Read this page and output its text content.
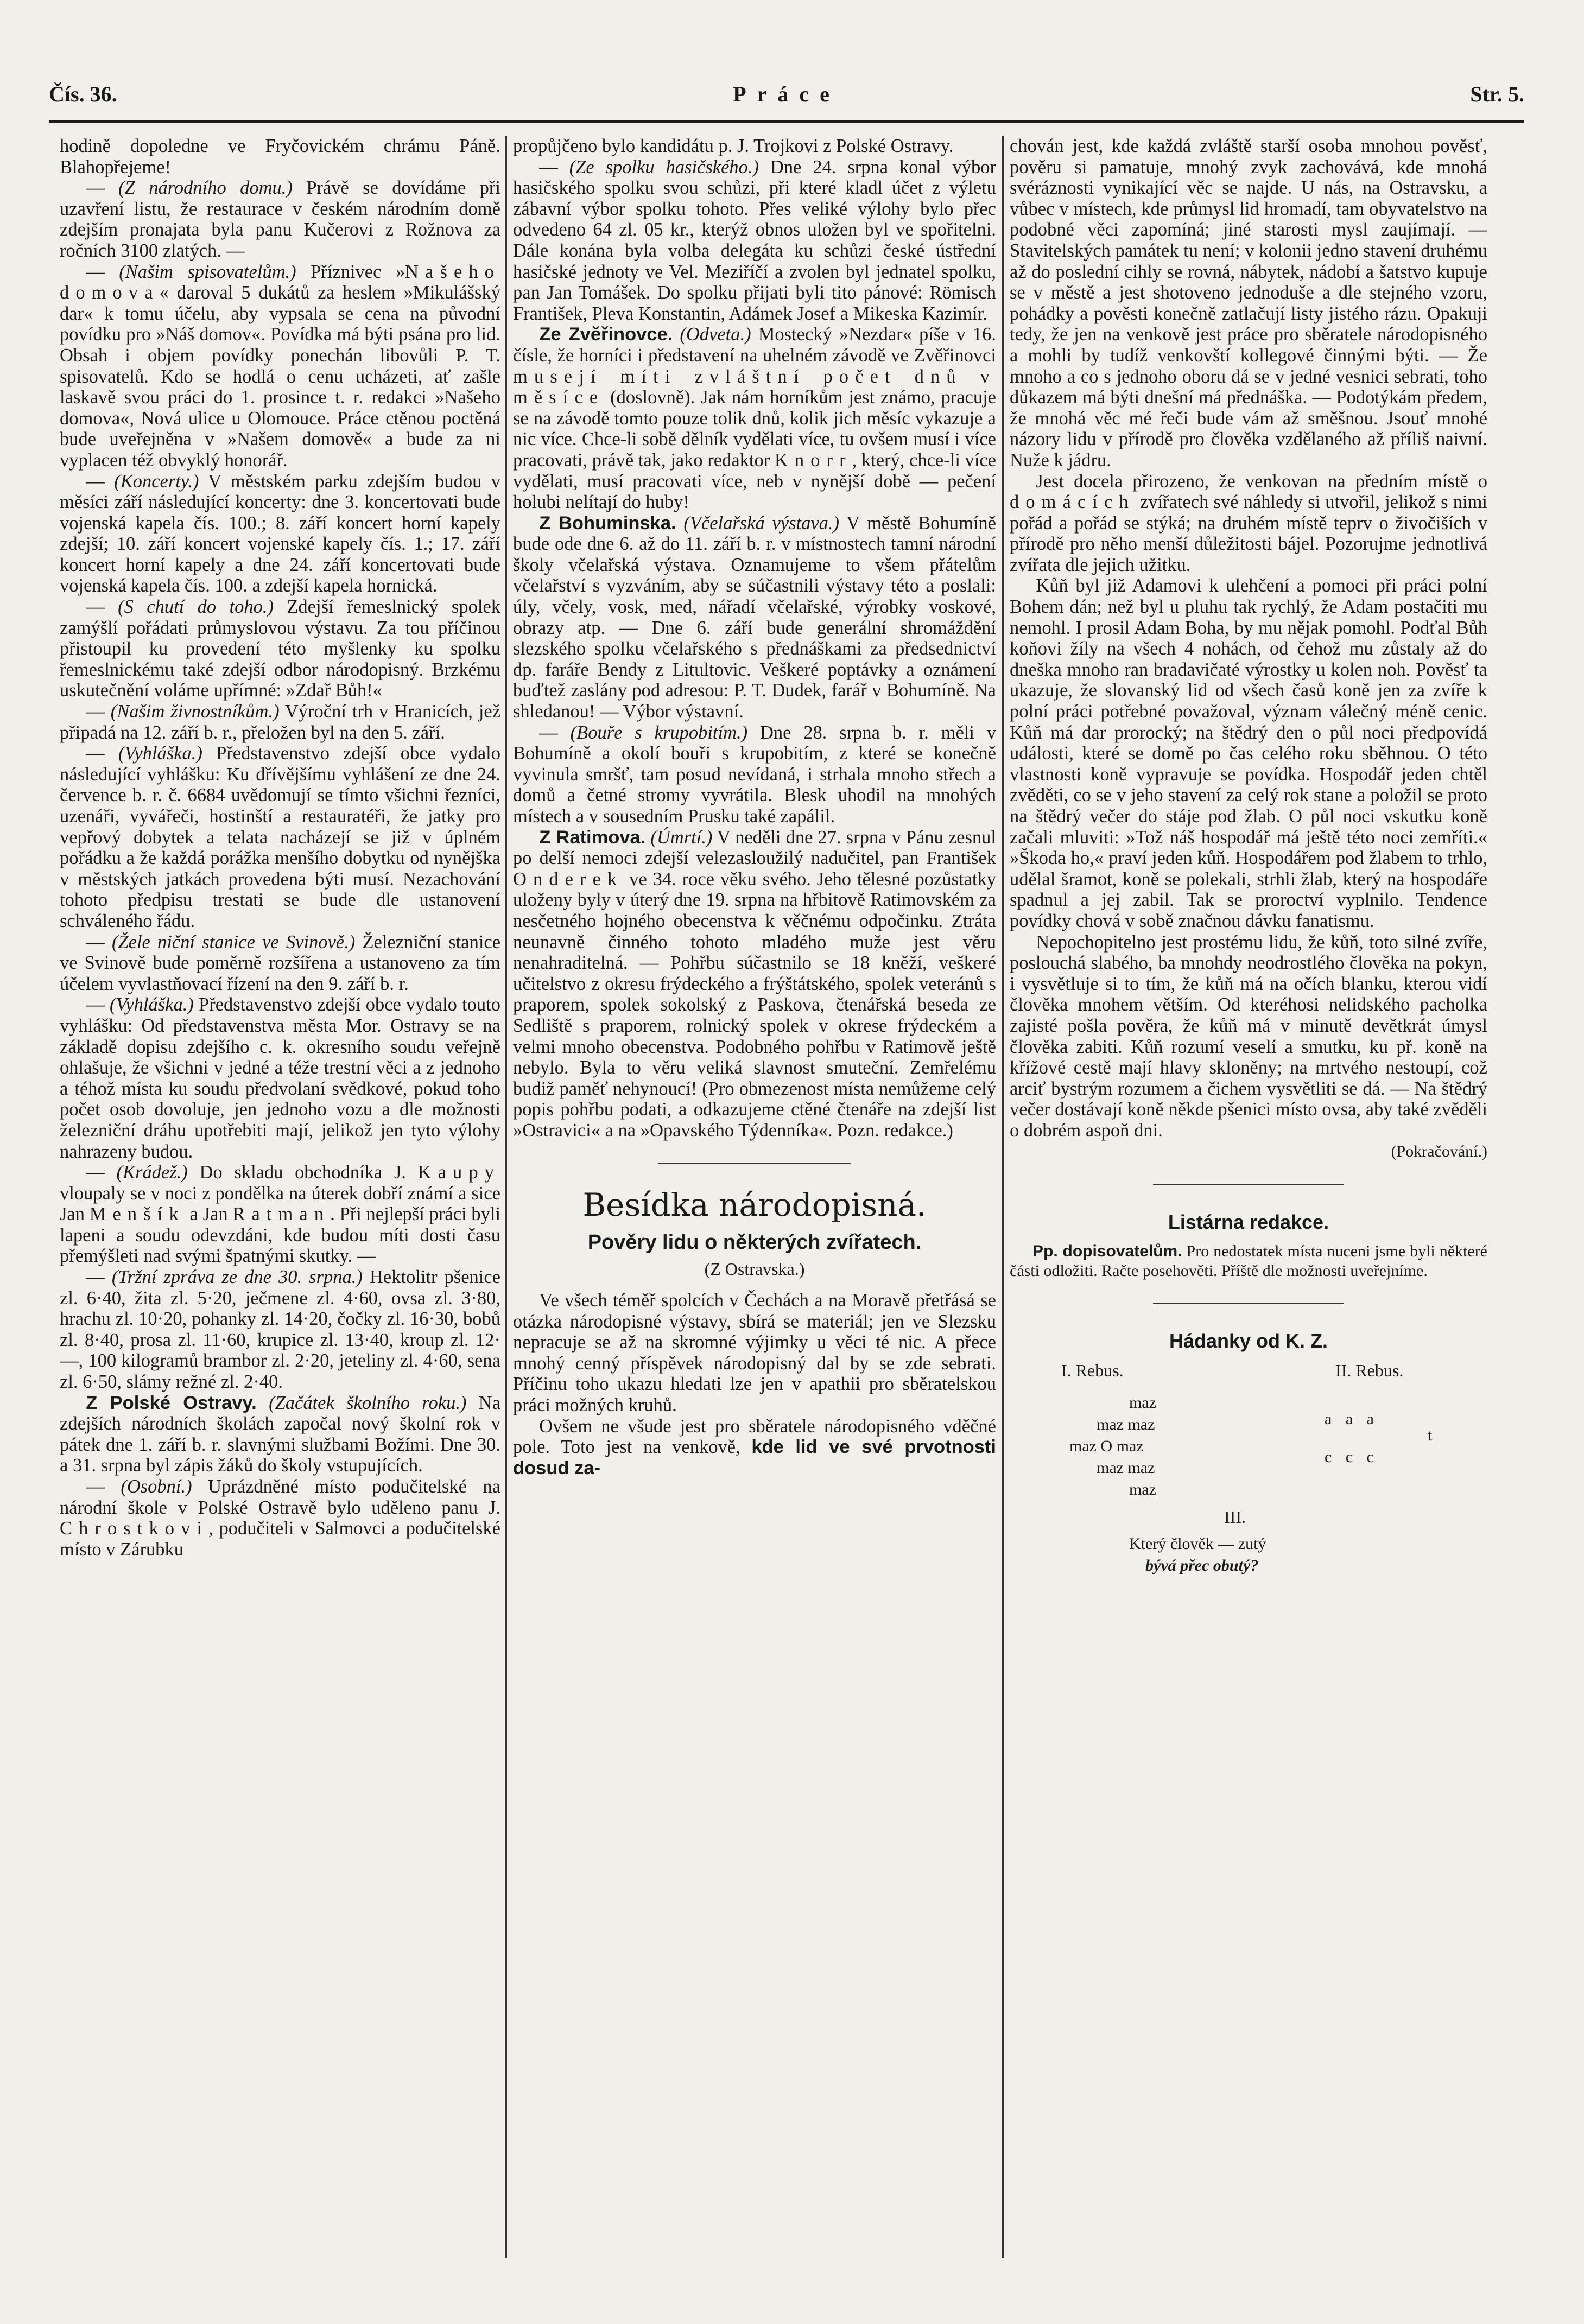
Čís. 36.	Práce	Str. 5.

hodině dopoledne ve Fryčovickém chrámu Páně. Blahopřejeme!

— (Z národního domu.) Právě se dovídáme při uzavření listu, že restaurace v českém národním domě zdejším pronajata byla panu Kučerovi z Rožnova za ročních 3100 zlatých. —

— (Našim spisovatelům.) Příznivec »Našeho domova« daroval 5 dukátů za heslem »Mikulášský dar« k tomu účelu, aby vypsala se cena na původní povídku pro »Náš domov«. Povídka má býti psána pro lid. Obsah i objem povídky ponechán libovůli P. T. spisovatelů. Kdo se hodlá o cenu ucházeti, ať zašle laskavě svou práci do 1. prosince t. r. redakci »Našeho domova«, Nová ulice u Olomouce. Práce ctěnou poctěná bude uveřejněna v »Našem domově« a bude za ni vyplacen též obvyklý honorář.

— (Koncerty.) V městském parku zdejším budou v měsíci září následující koncerty: dne 3. koncertovati bude vojenská kapela čís. 100.; 8. září koncert horní kapely zdejší; 10. září koncert vojenské kapely čís. 1.; 17. září koncert horní kapely a dne 24. září koncertovati bude vojenská kapela čís. 100. a zdejší kapela hornická.

— (S chutí do toho.) Zdejší řemeslnický spolek zamýšlí pořádati průmyslovou výstavu. Za tou příčinou přistoupil ku provedení této myšlenky ku spolku řemeslnickému také zdejší odbor národopisný. Brzkému uskutečnění voláme upřímné: »Zdař Bůh!«

— (Našim živnostníkům.) Výroční trh v Hranicích, jež připadá na 12. září b. r., přeložen byl na den 5. září.

— (Vyhláška.) Představenstvo zdejší obce vydalo následující vyhlášku: Ku dřívějšímu vyhlášení ze dne 24. července b. r. č. 6684 uvědomují se tímto všichni řezníci, uzenáři, vyvářeči, hostinští a restauratéři, že jatky pro vepřový dobytek a telata nacházejí se již v úplném pořádku a že každá porážka menšího dobytku od nynějška v městských jatkách provedena býti musí. Nezachování tohoto předpisu trestati se bude dle ustanovení schváleného řádu.

— (Žele niční stanice ve Svinově.) Železniční stanice ve Svinově bude poměrně rozšířena a ustanoveno za tím účelem vyvlastňovací řízení na den 9. září b. r.

— (Vyhláška.) Představenstvo zdejší obce vydalo touto vyhlášku: Od představenstva města Mor. Ostravy se na základě dopisu zdejšího c. k. okresního soudu veřejně ohlašuje, že všichni v jedné a téže trestní věci a z jednoho a téhož místa ku soudu předvolaní svědkové, pokud toho počet osob dovoluje, jen jednoho vozu a dle možnosti železniční dráhu upotřebiti mají, jelikož jen tyto výlohy nahrazeny budou.

— (Krádež.) Do skladu obchodníka J. Kaupy vloupaly se v noci z pondělka na úterek dobří známí a sice Jan Menšík a Jan Ratman. Při nejlepší práci byli lapeni a soudu odevzdáni, kde budou míti dosti času přemýšleti nad svými špatnými skutky. —

— (Tržní zpráva ze dne 30. srpna.) Hektolitr pšenice zl. 6·40, žita zl. 5·20, ječmene zl. 4·60, ovsa zl. 3·80, hrachu zl. 10·20, pohanky zl. 14·20, čočky zl. 16·30, bobů zl. 8·40, prosa zl. 11·60, krupice zl. 13·40, kroup zl. 12·—, 100 kilogramů brambor zl. 2·20, jeteliny zl. 4·60, sena zl. 6·50, slámy režné zl. 2·40.

Z Polské Ostravy. (Začátek školního roku.) Na zdejších národních školách započal nový školní rok v pátek dne 1. září b. r. slavnými službami Božími. Dne 30. a 31. srpna byl zápis žáků do školy vstupujících.

— (Osobní.) Uprázdněné místo podučitelské na národní škole v Polské Ostravě bylo uděleno panu J. Chrostkovi, podučiteli v Salmovci a podučitelské místo v Zárubku

propůjčeno bylo kandidátu p. J. Trojkovi z Polské Ostravy.

— (Ze spolku hasičského.) Dne 24. srpna konal výbor hasičského spolku svou schůzi, při které kladl účet z výletu zábavní výbor spolku tohoto. Přes veliké výlohy bylo přec odvedeno 64 zl. 05 kr., kterýž obnos uložen byl ve spořitelni. Dále konána byla volba delegáta ku schůzi české ústřední hasičské jednoty ve Vel. Meziříčí a zvolen byl jednatel spolku, pan Jan Tomášek. Do spolku přijati byli tito pánové: Römisch František, Pleva Konstantin, Adámek Josef a Mikeska Kazimír.

Ze Zvěřinovce. (Odveta.) Mostecký »Nezdar« píše v 16. čísle, že horníci i představení na uhelném závodě ve Zvěřinovci musejí míti zvláštní počet dnů v měsíce (doslovně). Jak nám horníkům jest známo, pracuje se na závodě tomto pouze tolik dnů, kolik jich měsíc vykazuje a nic více. Chce-li sobě dělník vydělati více, tu ovšem musí i více pracovati, právě tak, jako redaktor Knorr, který, chce-li více vydělati, musí pracovati více, neb v nynější době — pečení holubi nelítají do huby!

Z Bohuminska. (Včelařská výstava.) V městě Bohumíně bude ode dne 6. až do 11. září b. r. v místnostech tamní národní školy včelařská výstava. Oznamujeme to všem přátelům včelařství s vyzváním, aby se súčastnili výstavy této a poslali: úly, včely, vosk, med, nářadí včelařské, výrobky voskové, obrazy atp. — Dne 6. září bude generální shromáždění slezského spolku včelařského s přednáškami za předsednictví dp. faráře Bendy z Litultovic. Veškeré poptávky a oznámení buďtež zaslány pod adresou: P. T. Dudek, farář v Bohumíně. Na shledanou! — Výbor výstavní.

— (Bouře s krupobitím.) Dne 28. srpna b. r. měli v Bohumíně a okolí bouři s krupobitím, z které se konečně vyvinula smršť, tam posud nevídaná, i strhala mnoho střech a domů a četné stromy vyvrátila. Blesk uhodil na mnohých místech a v sousedním Prusku také zapálil.

Z Ratimova. (Úmrtí.) V neděli dne 27. srpna v Pánu zesnul po delší nemoci zdejší velezasloužilý nadučitel, pan František Onderek ve 34. roce věku svého. Jeho tělesné pozůstatky uloženy byly v úterý dne 19. srpna na hřbitově Ratimovském za nesčetného hojného obecenstva k věčnému odpočinku. Ztráta neunavně činného tohoto mladého muže jest věru nenahraditelná. — Pohřbu súčastnilo se 18 kněží, veškeré učitelstvo z okresu frýdeckého a frýštátského, spolek veteránů s praporem, spolek sokolský z Paskova, čtenářská beseda ze Sedliště s praporem, rolnický spolek v okrese frýdeckém a velmi mnoho obecenstva. Podobného pohřbu v Ratimově ještě nebylo. Byla to věru veliká slavnost smuteční. Zemřelému budiž paměť nehynoucí! (Pro obmezenost místa nemůžeme celý popis pohřbu podati, a odkazujeme ctěné čtenáře na zdejší list »Ostravici« a na »Opavského Týdenníka«. Pozn. redakce.)

Besídka národopisná.
Pověry lidu o některých zvířatech.
(Z Ostravska.)

Ve všech téměř spolcích v Čechách a na Moravě přetřásá se otázka národopisné výstavy, sbírá se materiál; jen ve Slezsku nepracuje se až na skromné výjimky u věci té nic. A přece mnohý cenný příspěvek národopisný dal by se zde sebrati. Příčinu toho ukazu hledati lze jen v apathii pro sběratelskou práci možných kruhů.

Ovšem ne všude jest pro sběratele národopisného vděčné pole. Toto jest na venkově, kde lid ve své prvotnosti dosud za-

chován jest, kde každá zvláště starší osoba mnohou pověsť, pověru si pamatuje, mnohý zvyk zachovává, kde mnohá svéráznosti vynikající věc se najde. U nás, na Ostravsku, a vůbec v místech, kde průmysl lid hromadí, tam obyvatelstvo na podobné věci zapomíná; jiné starosti mysl zaujímají. — Stavitelských památek tu není; v kolonii jedno stavení druhému až do poslední cihly se rovná, nábytek, nádobí a šatstvo kupuje se v městě a jest shotoveno jednoduše a dle stejného vzoru, pohádky a pověsti konečně zatlačují listy jistého rázu. Opakuji tedy, že jen na venkově jest práce pro sběratele národopisného a mohli by tudíž venkovští kollegové činnými býti. — Že mnoho a co s jednoho oboru dá se v jedné vesnici sebrati, toho důkazem má býti dnešní má přednáška. — Podotýkám předem, že mnohá věc mé řeči bude vám až směšnou. Jsouť mnohé názory lidu v přírodě pro člověka vzdělaného až příliš naivní. Nuže k jádru.

Jest docela přirozeno, že venkovan na předním místě o domácích zvířatech své náhledy si utvořil, jelikož s nimi pořád a pořád se stýká; na druhém místě teprv o živočiších v přírodě pro něho menší důležitosti bájel. Pozorujme jednotlivá zvířata dle jejich užitku.

Kůň byl již Adamovi k ulehčení a pomoci při práci polní Bohem dán; než byl u pluhu tak rychlý, že Adam postačiti mu nemohl. I prosil Adam Boha, by mu nějak pomohl. Podťal Bůh koňovi žíly na všech 4 nohách, od čehož mu zůstaly až do dneška mnoho ran bradavičaté výrostky u kolen noh. Pověsť ta ukazuje, že slovanský lid od všech časů koně jen za zvíře k polní práci potřebné považoval, význam válečný méně cenic. Kůň má dar prorocký; na štědrý den o půl noci předpovídá události, které se domě po čas celého roku sběhnou. O této vlastnosti koně vypravuje se povídka. Hospodář jeden chtěl zvěděti, co se v jeho stavení za celý rok stane a položil se proto na štědrý večer do stáje pod žlab. O půl noci vskutku koně začali mluviti: »Tož náš hospodář má ještě této noci zemříti.« »Škoda ho,« praví jeden kůň. Hospodářem pod žlabem to trhlo, udělal šramot, koně se polekali, strhli žlab, který na hospodáře spadnul a jej zabil. Tak se proroctví vyplnilo. Tendence povídky chová v sobě značnou dávku fanatismu.

Nepochopitelno jest prostému lidu, že kůň, toto silné zvíře, poslouchá slabého, ba mnohdy neodrostlého člověka na pokyn, i vysvětluje si to tím, že kůň má na očích blanku, kterou vidí člověka mnohem větším. Od kteréhosi nelidského pacholka zajisté pošla pověra, že kůň má v minutě devětkrát úmysl člověka zabiti. Kůň rozumí veselí a smutku, ku př. koně na křížové cestě mají hlavy skloněny; na mrtvého nestoupí, což arciť bystrým rozumem a čichem vysvětliti se dá. — Na štědrý večer dostávají koně někde pšenici místo ovsa, aby také zvěděli o dobrém aspoň dni.

(Pokračování.)
Listárna redakce.

Pp. dopisovatelům. Pro nedostatek místa nuceni jsme byli některé části odložiti. Račte posehověti. Příště dle možnosti uveřejníme.

Hádanky od K. Z.
I. Rebus.	II. Rebus.
maz
maz maz
maz O maz
maz maz
maz
a a a
t
c c c
III.
Který člověk — zutý
bývá přec obutý?
